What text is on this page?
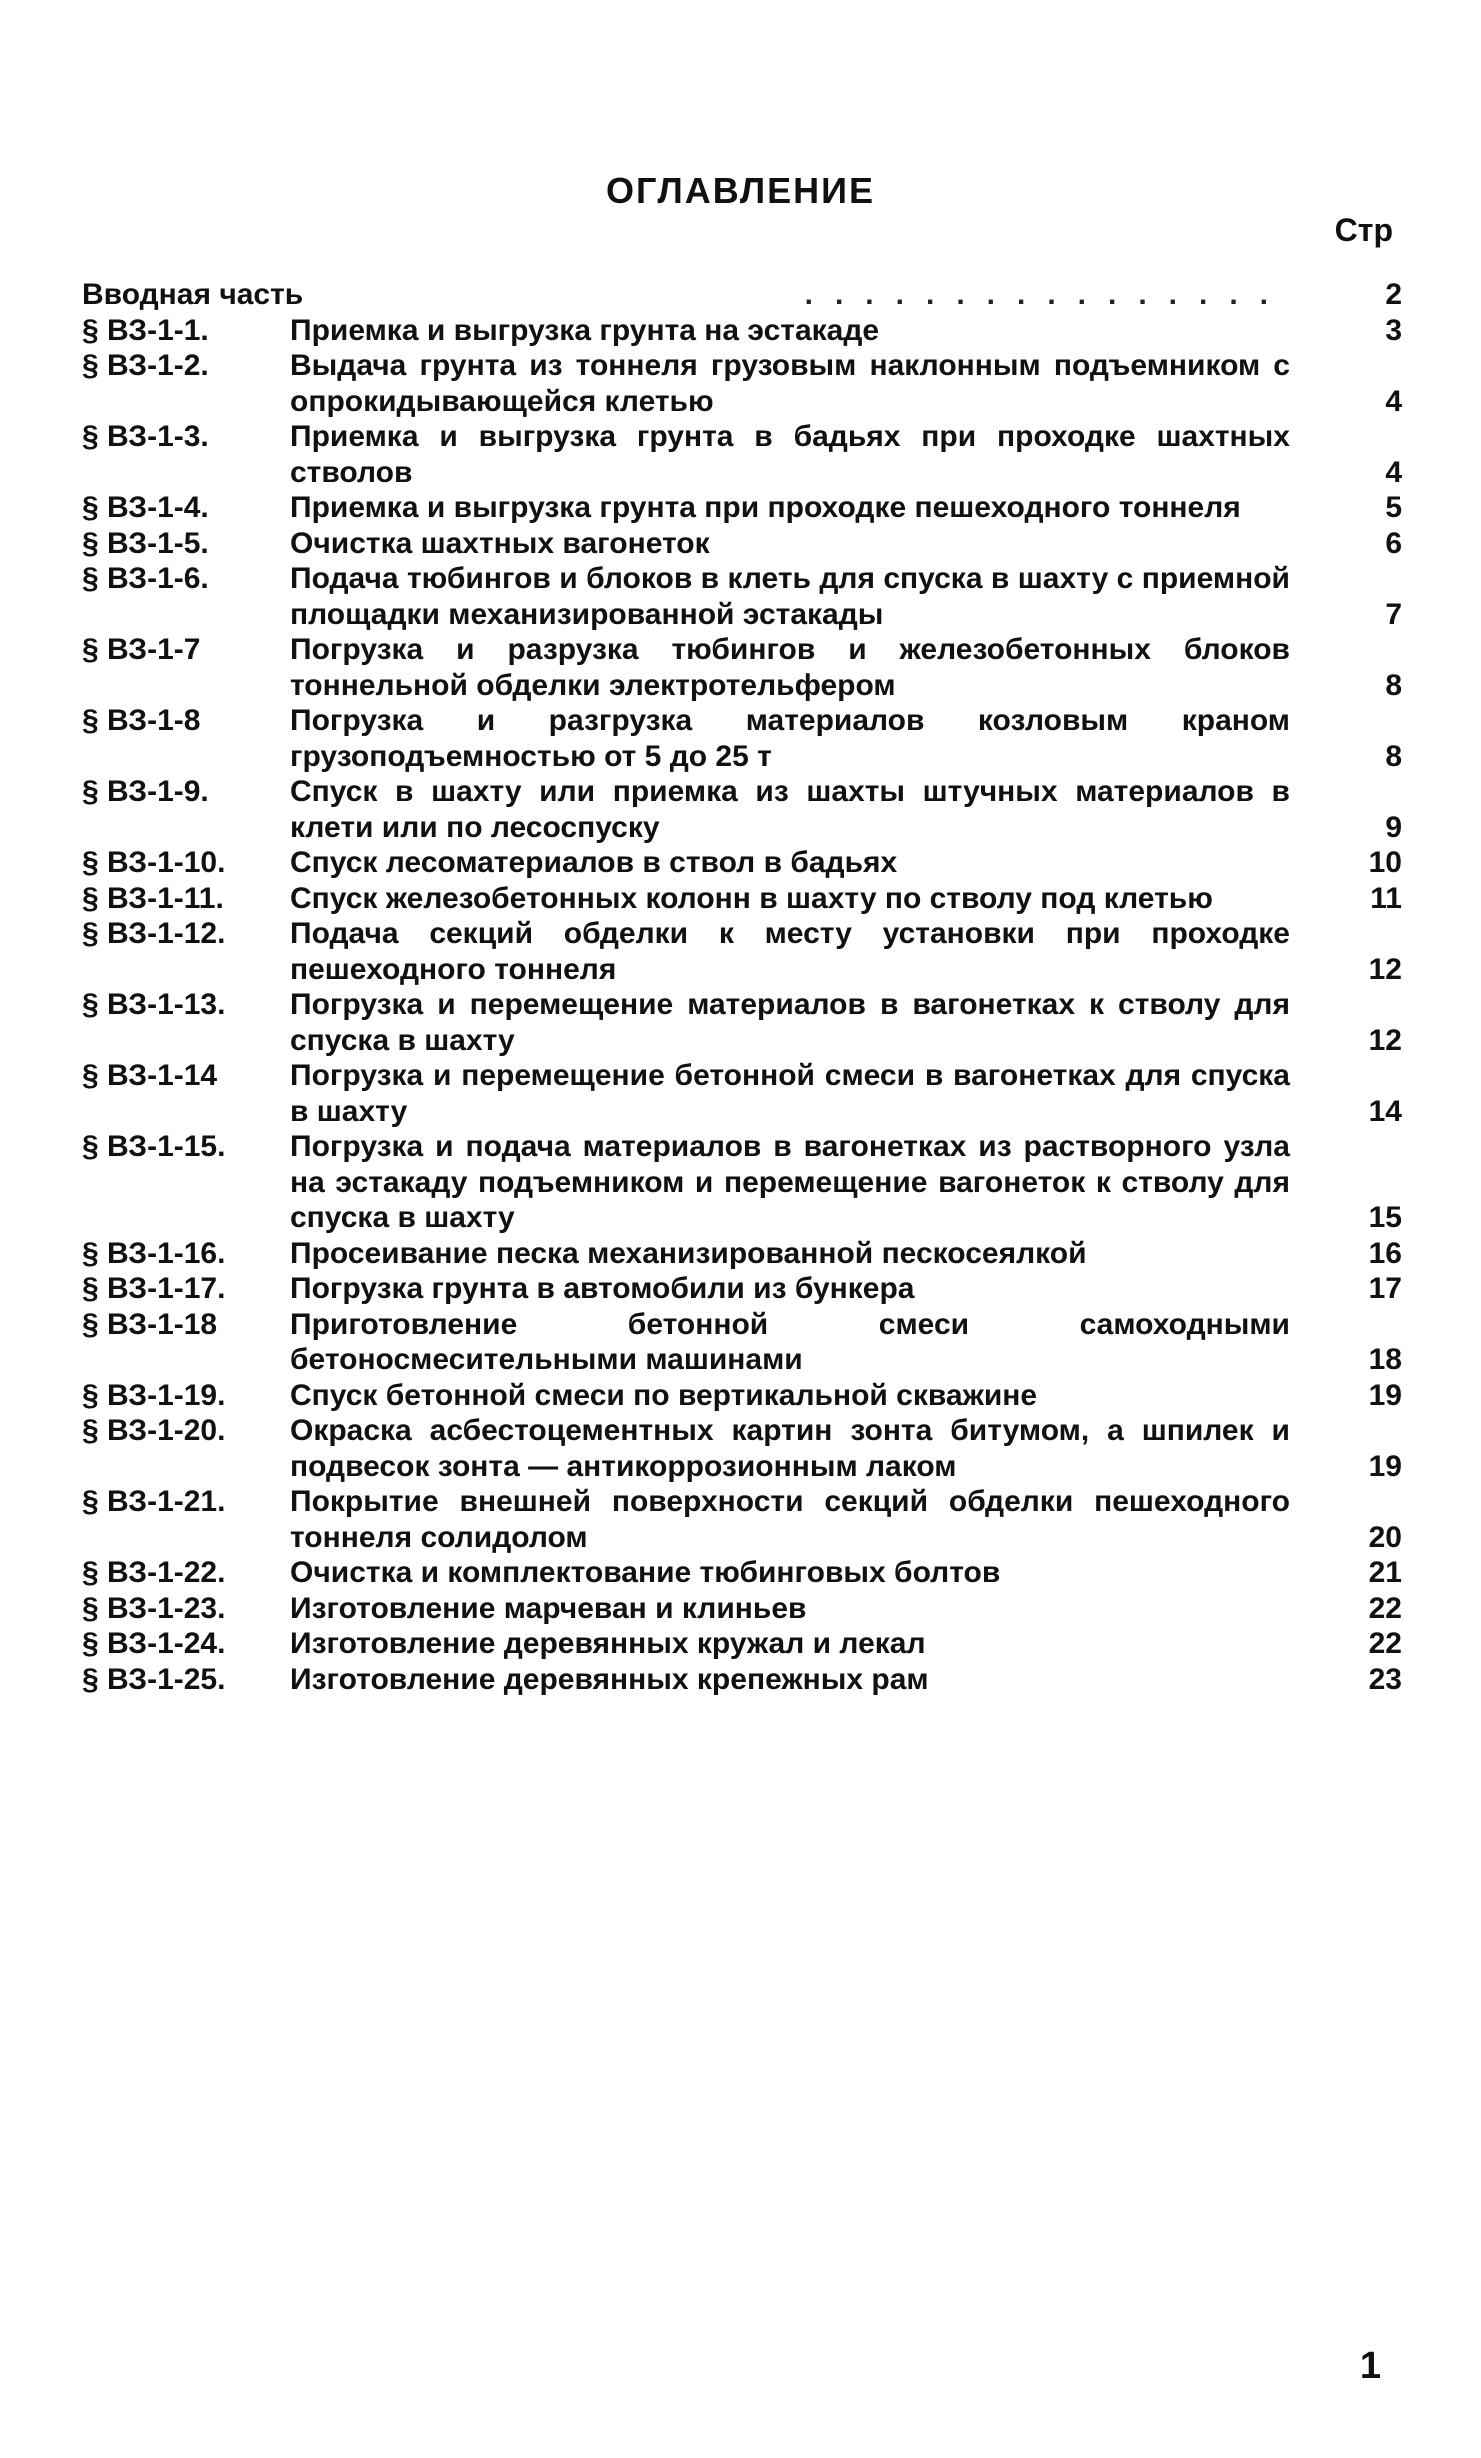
ОГЛАВЛЕНИЕ
Стр
Вводная часть	................	2
§ ВЗ-1-1.	Приемка и выгрузка грунта на эстакаде	3
§ ВЗ-1-2.	Выдача грунта из тоннеля грузовым наклонным подъемником с опрокидывающейся клетью	4
§ ВЗ-1-3.	Приемка и выгрузка грунта в бадьях при проходке шахтных стволов	4
§ ВЗ-1-4.	Приемка и выгрузка грунта при проходке пешеходного тоннеля	5
§ ВЗ-1-5.	Очистка шахтных вагонеток	6
§ ВЗ-1-6.	Подача тюбингов и блоков в клеть для спуска в шахту с приемной площадки механизированной эстакады	7
§ ВЗ-1-7	Погрузка и разрузка тюбингов и железобетонных блоков тоннельной обделки электротельфером	8
§ ВЗ-1-8	Погрузка и разгрузка материалов козловым краном грузоподъемностью от 5 до 25 т	8
§ ВЗ-1-9.	Спуск в шахту или приемка из шахты штучных материалов в клети или по лесоспуску	9
§ ВЗ-1-10.	Спуск лесоматериалов в ствол в бадьях	10
§ ВЗ-1-11.	Спуск железобетонных колонн в шахту по стволу под клетью	11
§ ВЗ-1-12.	Подача секций обделки к месту установки при проходке пешеходного тоннеля	12
§ ВЗ-1-13.	Погрузка и перемещение материалов в вагонетках к стволу для спуска в шахту	12
§ ВЗ-1-14	Погрузка и перемещение бетонной смеси в вагонетках для спуска в шахту	14
§ ВЗ-1-15.	Погрузка и подача материалов в вагонетках из растворного узла на эстакаду подъемником и перемещение вагонеток к стволу для спуска в шахту	15
§ ВЗ-1-16.	Просеивание песка механизированной пескосеялкой	16
§ ВЗ-1-17.	Погрузка грунта в автомобили из бункера	17
§ ВЗ-1-18	Приготовление бетонной смеси самоходными бетоносмесительными машинами	18
§ ВЗ-1-19.	Спуск бетонной смеси по вертикальной скважине	19
§ ВЗ-1-20.	Окраска асбестоцементных картин зонта битумом, а шпилек и подвесок зонта — антикоррозионным лаком	19
§ ВЗ-1-21.	Покрытие внешней поверхности секций обделки пешеходного тоннеля солидолом	20
§ ВЗ-1-22.	Очистка и комплектование тюбинговых болтов	21
§ ВЗ-1-23.	Изготовление марчеван и клиньев	22
§ ВЗ-1-24.	Изготовление деревянных кружал и лекал	22
§ ВЗ-1-25.	Изготовление деревянных крепежных рам	23
1
